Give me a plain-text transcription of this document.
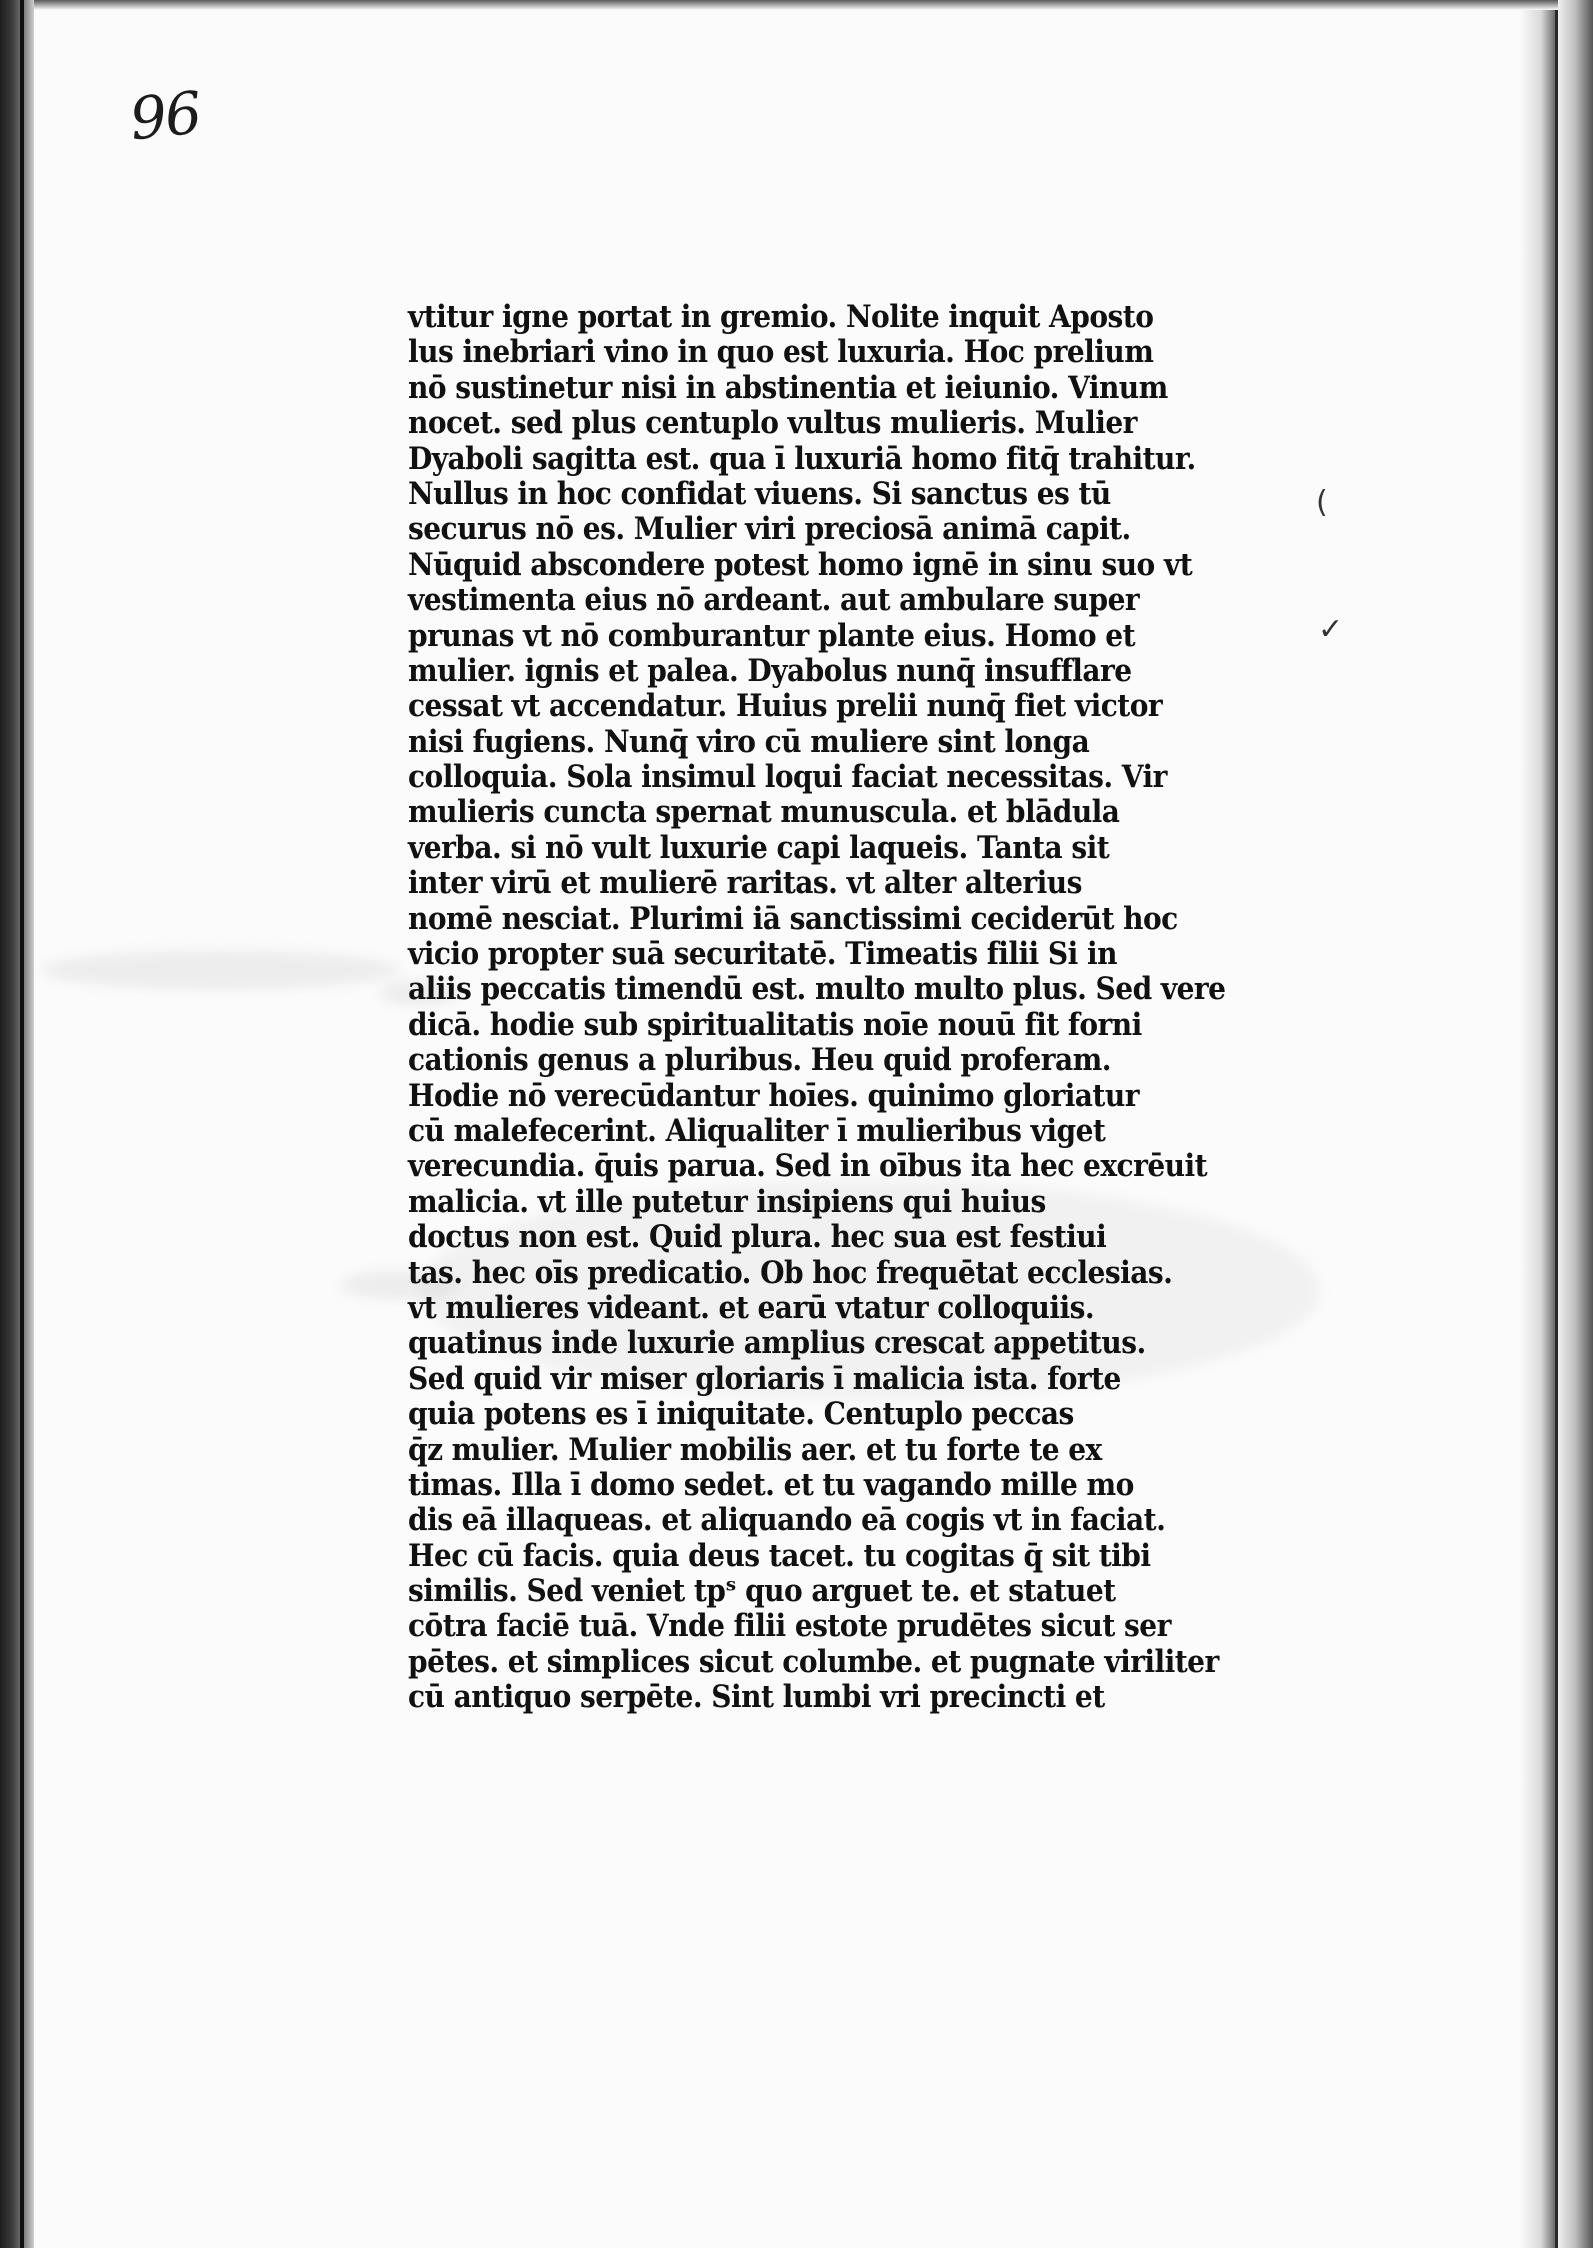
96
(
✓
vtitur igne portat in gremio. Nolite inquit Aposto
lus inebriari vino in quo est luxuria. Hoc prelium
nō sustinetur nisi in abstinentia et ieiunio. Vinum
nocet. sed plus centuplo vultus mulieris. Mulier
Dyaboli sagitta est. qua ī luxuriā homo fitq̄ trahitur.
Nullus in hoc confidat viuens. Si sanctus es tū
securus nō es. Mulier viri preciosā animā capit.
Nūquid abscondere potest homo ignē in sinu suo vt
vestimenta eius nō ardeant. aut ambulare super
prunas vt nō comburantur plante eius. Homo et
mulier. ignis et palea. Dyabolus nunq̄ insufflare
cessat vt accendatur. Huius prelii nunq̄ fiet victor
nisi fugiens. Nunq̄ viro cū muliere sint longa
colloquia. Sola insimul loqui faciat necessitas. Vir
mulieris cuncta spernat munuscula. et blādula
verba. si nō vult luxurie capi laqueis. Tanta sit
inter virū et mulierē raritas. vt alter alterius
nomē nesciat. Plurimi iā sanctissimi ceciderūt hoc
vicio propter suā securitatē. Timeatis filii Si in
aliis peccatis timendū est. multo multo plus. Sed vere
dicā. hodie sub spiritualitatis noīe nouū fit forni
cationis genus a pluribus. Heu quid proferam.
Hodie nō verecūdantur hoīes. quinimo gloriatur
cū malefecerint. Aliqualiter ī mulieribus viget
verecundia. q̄uis parua. Sed in oībus ita hec excrēuit
malicia. vt ille putetur insipiens qui huius
doctus non est. Quid plura. hec sua est festiui
tas. hec oīs predicatio. Ob hoc frequētat ecclesias.
vt mulieres videant. et earū vtatur colloquiis.
quatinus inde luxurie amplius crescat appetitus.
Sed quid vir miser gloriaris ī malicia ista. forte
quia potens es ī iniquitate. Centuplo peccas
q̄z mulier. Mulier mobilis aer. et tu forte te ex
timas. Illa ī domo sedet. et tu vagando mille mo
dis eā illaqueas. et aliquando eā cogis vt in faciat.
Hec cū facis. quia deus tacet. tu cogitas q̄ sit tibi
similis. Sed veniet tpˢ quo arguet te. et statuet
cōtra faciē tuā. Vnde filii estote prudētes sicut ser
pētes. et simplices sicut columbe. et pugnate viriliter
cū antiquo serpēte. Sint lumbi vri precincti et
